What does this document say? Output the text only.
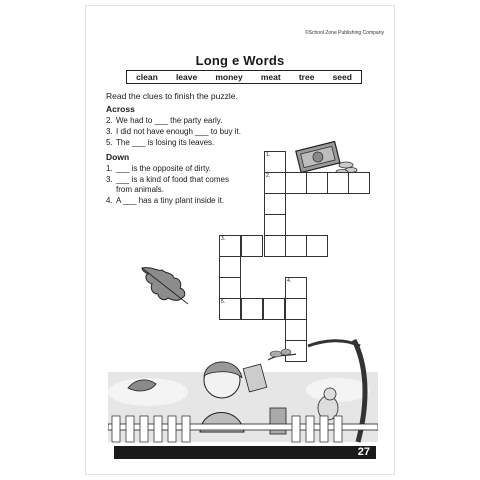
©School Zone Publishing Company
Long e Words
clean leave money meat tree seed
Read the clues to finish the puzzle.
Across
2. We had to ___ the party early.
3. I did not have enough ___ to buy it.
5. The ___ is losing its leaves.
Down
1. ___ is the opposite of dirty.
3. ___ is a kind of food that comes
from animals.
4. A ___ has a tiny plant inside it.
1.
2.
3.
5.
4.
27
